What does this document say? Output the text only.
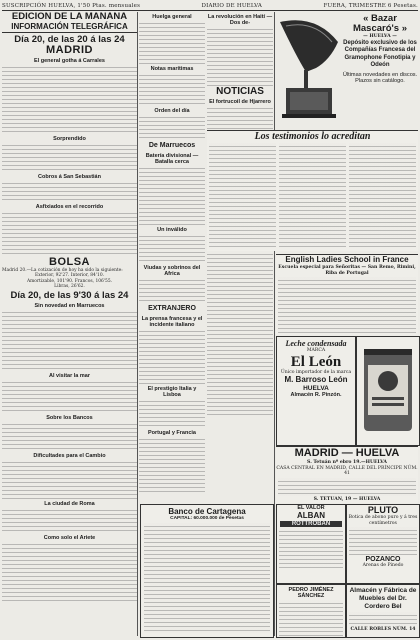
SUSCRIPCIÓN HUELVA, 1'50 Ptas. mensuales	DIARIO DE HUELVA	FUERA, TRIMESTRE 6 Pesetas.
EDICIÓN DE LA MAÑANA
INFORMACIÓN TELEGRÁFICA
Día 20, de las 20 á las 24
MADRID
El general gotha á Carrales
Sorprendido
Cobros á San Sebastián
Asfixiados en el recorrido
BOLSA

Madrid 20.—La cotización de hoy ha sido la siguiente:

Exterior, 92'27. Interior, 84'10.

Amortizable, 101'90. Francos, 106'55.

Libras, 26'62.

Día 20, de las 9'30 á las 24
Sin novedad en Marruecos
Al visitar la mar
Sobre los Bancos
Dificultades para el Cambio
La ciudad de Roma
Como solo el Ariete
Huelga general
Notas marítimas
Orden del día
De Marruecos
Batería divisional — Batalla cerca
Un inválido
Viudas y sobrinos del Africa
EXTRANJERO
La prensa francesa y el incidente italiano
El prestigio Italia y Lisboa
Portugal y Francia
La revolución en Haití — Dos de-
NOTICIAS
El fortrucoil de Hjarrero
Banco de Cartagena
CAPITAL: 60.000.000 de Pesetas
« Bazar Mascaró's »
— HUELVA —
Depósito exclusivo de los Compañías Francesa del Gramophone Fonotipia y Odeón
Últimas novedades en discos. Plazos sin catálogo.
Los testimonios lo acreditan
English Ladies School in France
Escuela especial para Señoritas — San Remo, Rimini, Riba de Portugal
Leche condensada
MARCA
El León
Único importador de la marca
M. Barroso León
HUELVA
Almacén R. Pinzón.
MADRID — HUELVA
S. Tetuán nº ebro 19.—HUELVA
CASA CENTRAL EN MADRID, CALLE DEL PRÍNCIPE NÚM. 41
S. TETUAN, 19 — HUELVA
EL VALOR
ALBAN
ROTTROBAN
PLUTO
Botica de abono puro y á tres centímetros
POZANCO
Arenas de Pinedo
PEDRO JIMÉNEZ SÁNCHEZ
Almacén y Fábrica de Muebles del Dr. Cordero Bel
CALLE ROBLES NÚM. 14
